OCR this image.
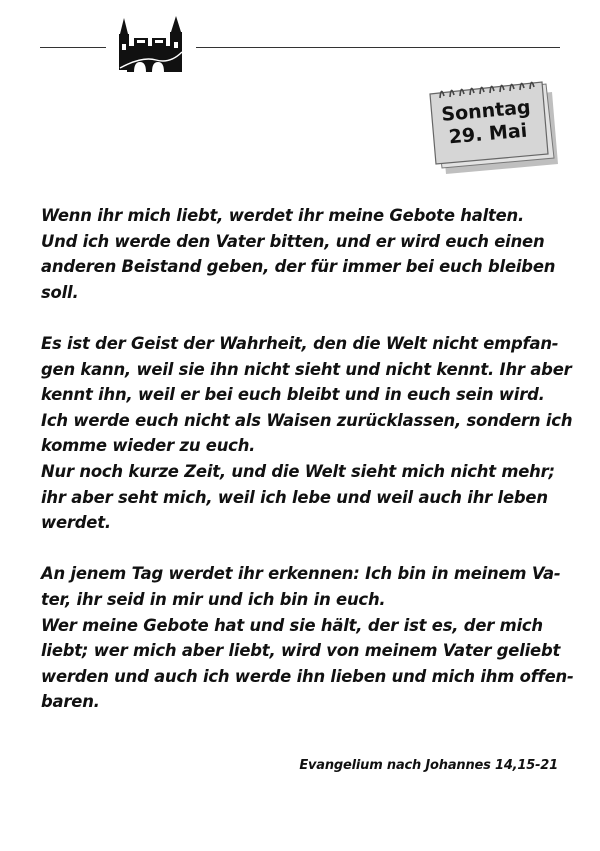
Sonntag
29. Mai

Wenn ihr mich liebt, werdet ihr meine Gebote halten.
Und ich werde den Vater bitten, und er wird euch einen
anderen Beistand geben, der für immer bei euch bleiben
soll.

Es ist der Geist der Wahrheit, den die Welt nicht empfan-
gen kann, weil sie ihn nicht sieht und nicht kennt. Ihr aber
kennt ihn, weil er bei euch bleibt und in euch sein wird.
Ich werde euch nicht als Waisen zurücklassen, sondern ich
komme wieder zu euch.
Nur noch kurze Zeit, und die Welt sieht mich nicht mehr;
ihr aber seht mich, weil ich lebe und weil auch ihr leben
werdet.

An jenem Tag werdet ihr erkennen: Ich bin in meinem Va-
ter, ihr seid in mir und ich bin in euch.
Wer meine Gebote hat und sie hält, der ist es, der mich
liebt; wer mich aber liebt, wird von meinem Vater geliebt
werden und auch ich werde ihn lieben und mich ihm offen-
baren.

Evangelium nach Johannes 14,15-21
